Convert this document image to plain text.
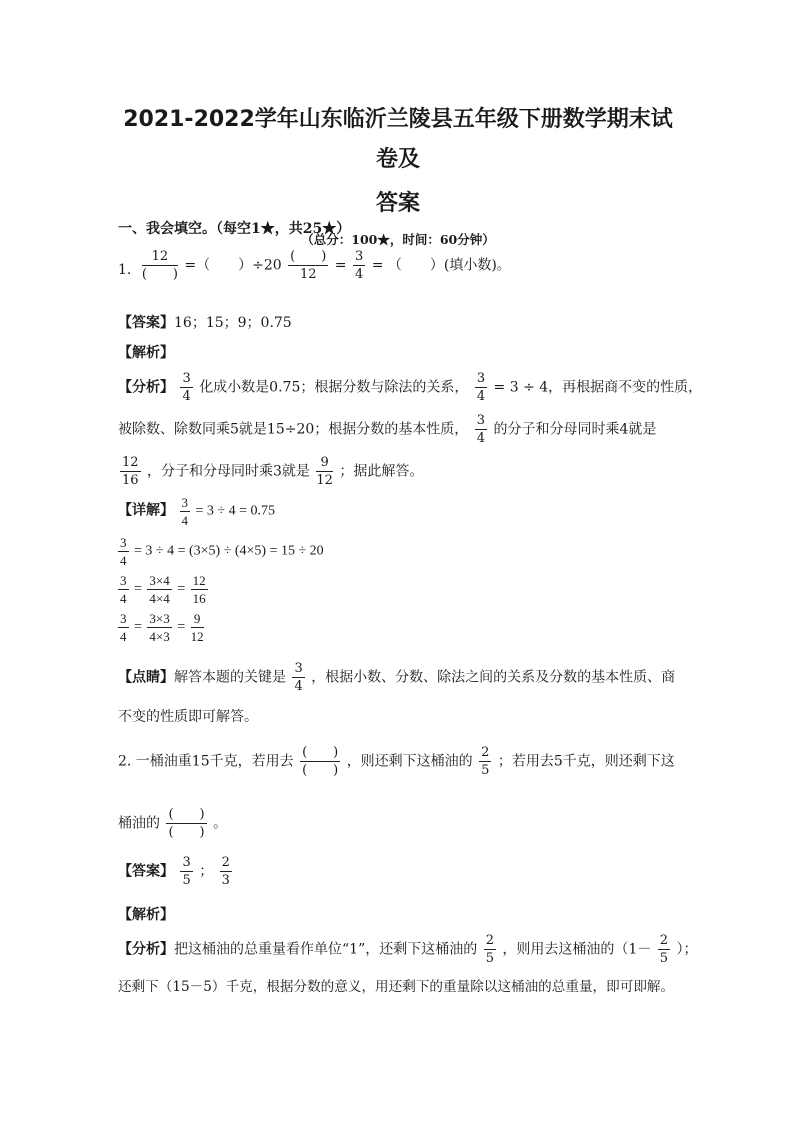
2021-2022学年山东临沂兰陵县五年级下册数学期末试卷及
答案
（总分：100★，时间：60分钟）
一、我会填空。（每空1★，共25★）
1. $\frac{12}{( )}$ =（　　）$\div 20 \frac{( )}{12} = \frac{3}{4}$ = （　　）(填小数)。
【答案】16；15；9；0.75
【解析】
【分析】 $\frac{3}{4}$ 化成小数是0.75；根据分数与除法的关系， $\frac{3}{4} = 3 \div 4$，再根据商不变的性质，
被除数、除数同乘5就是15÷20；根据分数的基本性质， $\frac{3}{4}$ 的分子和分母同时乘4就是
$\frac{12}{16}$ ，分子和分母同时乘3就是 $\frac{9}{12}$ ；据此解答。
【详解】 $\frac{3}{4} = 3 \div 4 = 0.75$
$\frac{3}{4} = 3 \div 4 = (3\times 5) \div (4\times 5) = 15 \div 20$
$\frac{3}{4} = \frac{3\times 4}{4\times 4} = \frac{12}{16}$
$\frac{3}{4} = \frac{3\times 3}{4\times 3} = \frac{9}{12}$
【点睛】解答本题的关键是 $\frac{3}{4}$ ，根据小数、分数、除法之间的关系及分数的基本性质、商
不变的性质即可解答。
2. 一桶油重15千克，若用去 $\frac{( )}{( )}$ ，则还剩下这桶油的 $\frac{2}{5}$ ；若用去5千克，则还剩下这
桶油的 $\frac{( )}{( )}$ 。
【答案】 $\frac{3}{5}$ ； $\frac{2}{3}$
【解析】
【分析】把这桶油的总重量看作单位“1”，还剩下这桶油的 $\frac{2}{5}$ ，则用去这桶油的（$1- \frac{2}{5}$ ）；
还剩下（15－5）千克，根据分数的意义，用还剩下的重量除以这桶油的总重量，即可即解。
